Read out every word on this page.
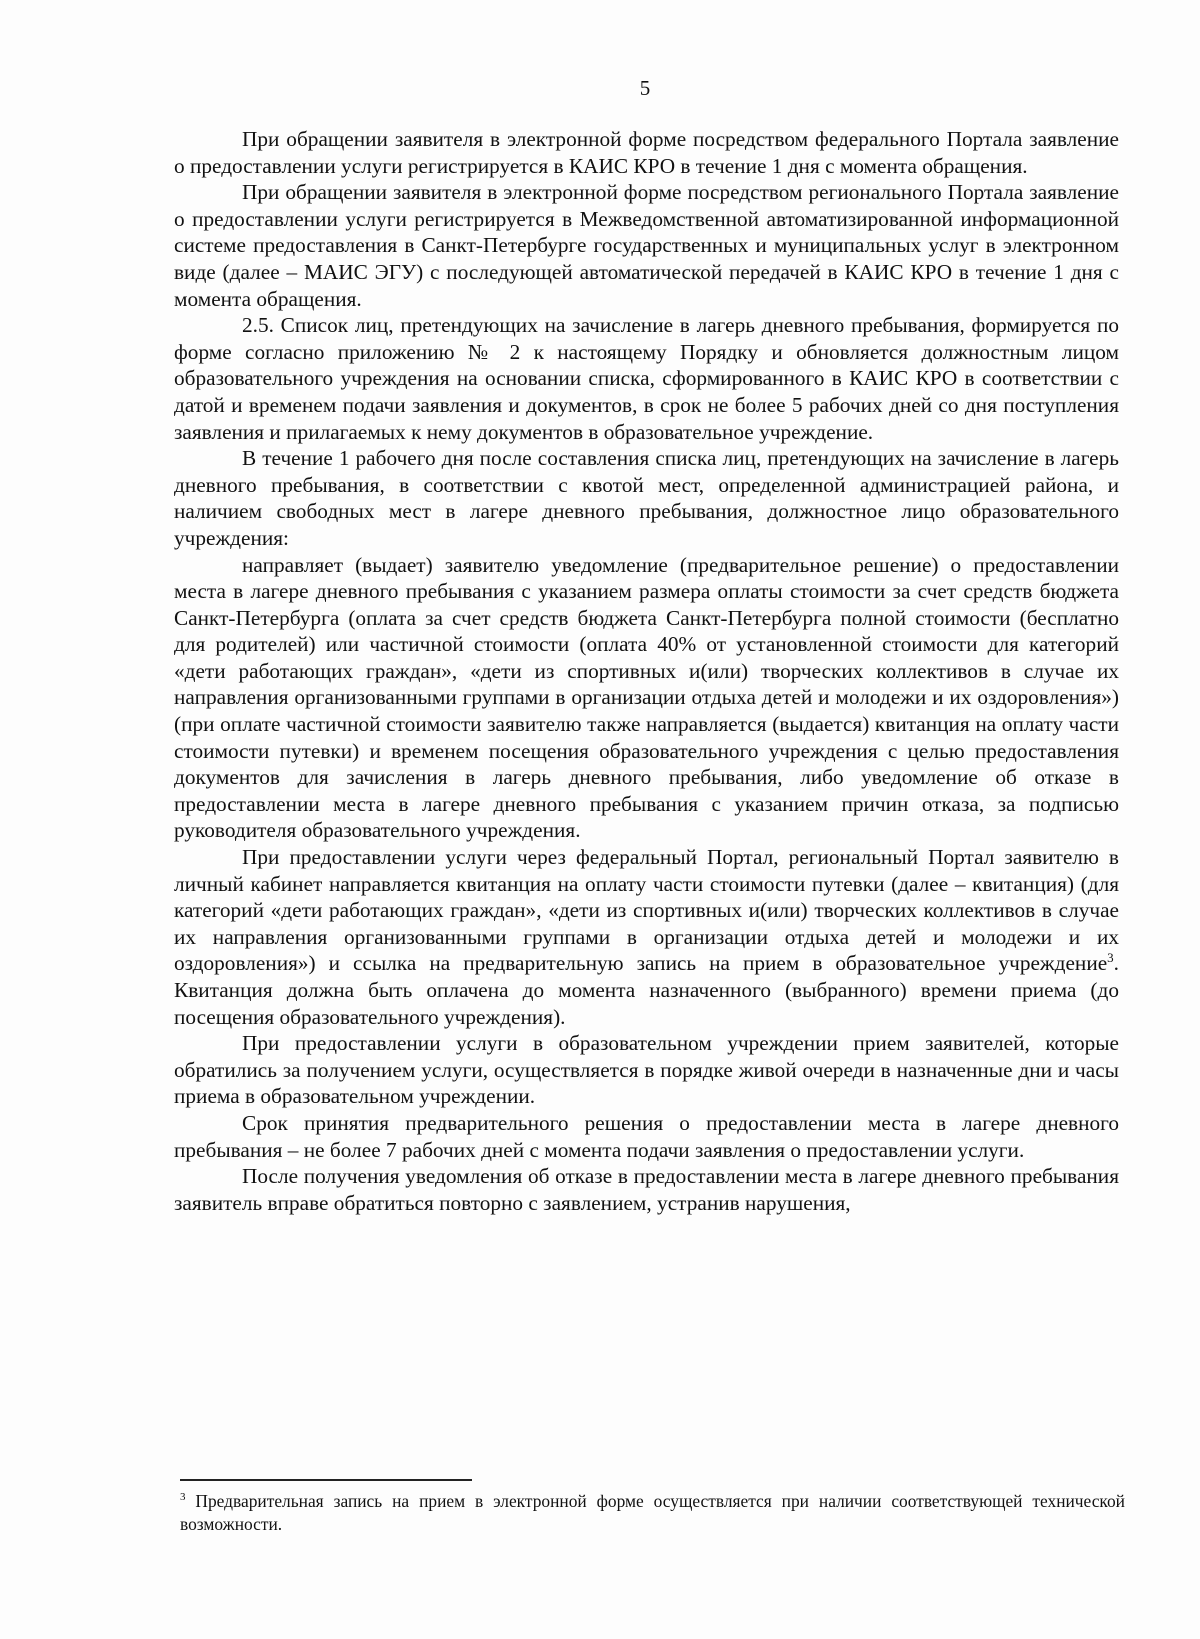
5

При обращении заявителя в электронной форме посредством федерального Портала заявление о предоставлении услуги регистрируется в КАИС КРО в течение 1 дня с момента обращения.

При обращении заявителя в электронной форме посредством регионального Портала заявление о предоставлении услуги регистрируется в Межведомственной автоматизированной информационной системе предоставления в Санкт-Петербурге государственных и муниципальных услуг в электронном виде (далее – МАИС ЭГУ) с последующей автоматической передачей в КАИС КРО в течение 1 дня с момента обращения.

2.5. Список лиц, претендующих на зачисление в лагерь дневного пребывания, формируется по форме согласно приложению № 2 к настоящему Порядку и обновляется должностным лицом образовательного учреждения на основании списка, сформированного в КАИС КРО в соответствии с датой и временем подачи заявления и документов, в срок не более 5 рабочих дней со дня поступления заявления и прилагаемых к нему документов в образовательное учреждение.

В течение 1 рабочего дня после составления списка лиц, претендующих на зачисление в лагерь дневного пребывания, в соответствии с квотой мест, определенной администрацией района, и наличием свободных мест в лагере дневного пребывания, должностное лицо образовательного учреждения:

направляет (выдает) заявителю уведомление (предварительное решение) о предоставлении места в лагере дневного пребывания с указанием размера оплаты стоимости за счет средств бюджета Санкт-Петербурга (оплата за счет средств бюджета Санкт-Петербурга полной стоимости (бесплатно для родителей) или частичной стоимости (оплата 40% от установленной стоимости для категорий «дети работающих граждан», «дети из спортивных и(или) творческих коллективов в случае их направления организованными группами в организации отдыха детей и молодежи и их оздоровления») (при оплате частичной стоимости заявителю также направляется (выдается) квитанция на оплату части стоимости путевки) и временем посещения образовательного учреждения с целью предоставления документов для зачисления в лагерь дневного пребывания, либо уведомление об отказе в предоставлении места в лагере дневного пребывания с указанием причин отказа, за подписью руководителя образовательного учреждения.

При предоставлении услуги через федеральный Портал, региональный Портал заявителю в личный кабинет направляется квитанция на оплату части стоимости путевки (далее – квитанция) (для категорий «дети работающих граждан», «дети из спортивных и(или) творческих коллективов в случае их направления организованными группами в организации отдыха детей и молодежи и их оздоровления») и ссылка на предварительную запись на прием в образовательное учреждение$^3$. Квитанция должна быть оплачена до момента назначенного (выбранного) времени приема (до посещения образовательного учреждения).

При предоставлении услуги в образовательном учреждении прием заявителей, которые обратились за получением услуги, осуществляется в порядке живой очереди в назначенные дни и часы приема в образовательном учреждении.

Срок принятия предварительного решения о предоставлении места в лагере дневного пребывания – не более 7 рабочих дней с момента подачи заявления о предоставлении услуги.

После получения уведомления об отказе в предоставлении места в лагере дневного пребывания заявитель вправе обратиться повторно с заявлением, устранив нарушения,

$^3$ Предварительная запись на прием в электронной форме осуществляется при наличии соответствующей технической возможности.
